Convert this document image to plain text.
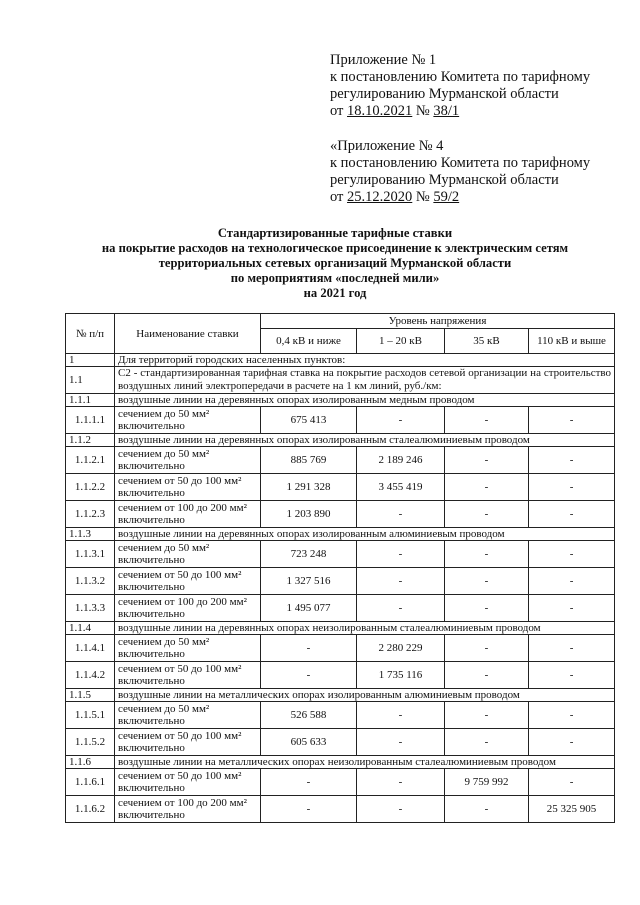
Приложение № 1
к постановлению Комитета по тарифному
регулированию Мурманской области
от 18.10.2021 № 38/1
«Приложение № 4
к постановлению Комитета по тарифному
регулированию Мурманской области
от 25.12.2020 № 59/2
Стандартизированные тарифные ставки
на покрытие расходов на технологическое присоединение к электрическим сетям
территориальных сетевых организаций Мурманской области
по мероприятиям «последней мили»
на 2021 год
№ п/п	Наименование ставки	Уровень напряжения			
		0,4 кВ и ниже	1 – 20 кВ	35 кВ	110 кВ и выше
1	Для территорий городских населенных пунктов:				
1.1	С2 - стандартизированная тарифная ставка на покрытие расходов сетевой организации на строительство воздушных линий электропередачи в расчете на 1 км линий, руб./км:				
1.1.1	воздушные линии на деревянных опорах изолированным медным проводом				
1.1.1.1	сечением до 50 мм² включительно	675 413	-	-	-
1.1.2	воздушные линии на деревянных опорах изолированным сталеалюминиевым проводом				
1.1.2.1	сечением до 50 мм² включительно	885 769	2 189 246	-	-
1.1.2.2	сечением от 50 до 100 мм² включительно	1 291 328	3 455 419	-	-
1.1.2.3	сечением от 100 до 200 мм² включительно	1 203 890	-	-	-
1.1.3	воздушные линии на деревянных опорах изолированным алюминиевым проводом				
1.1.3.1	сечением до 50 мм² включительно	723 248	-	-	-
1.1.3.2	сечением от 50 до 100 мм² включительно	1 327 516	-	-	-
1.1.3.3	сечением от 100 до 200 мм² включительно	1 495 077	-	-	-
1.1.4	воздушные линии на деревянных опорах неизолированным сталеалюминиевым проводом				
1.1.4.1	сечением до 50 мм² включительно	-	2 280 229	-	-
1.1.4.2	сечением от 50 до 100 мм² включительно	-	1 735 116	-	-
1.1.5	воздушные линии на металлических опорах изолированным алюминиевым проводом				
1.1.5.1	сечением до 50 мм² включительно	526 588	-	-	-
1.1.5.2	сечением от 50 до 100 мм² включительно	605 633	-	-	-
1.1.6	воздушные линии на металлических опорах неизолированным сталеалюминиевым проводом				
1.1.6.1	сечением от 50 до 100 мм² включительно	-	-	9 759 992	-
1.1.6.2	сечением от 100 до 200 мм² включительно	-	-	-	25 325 905
